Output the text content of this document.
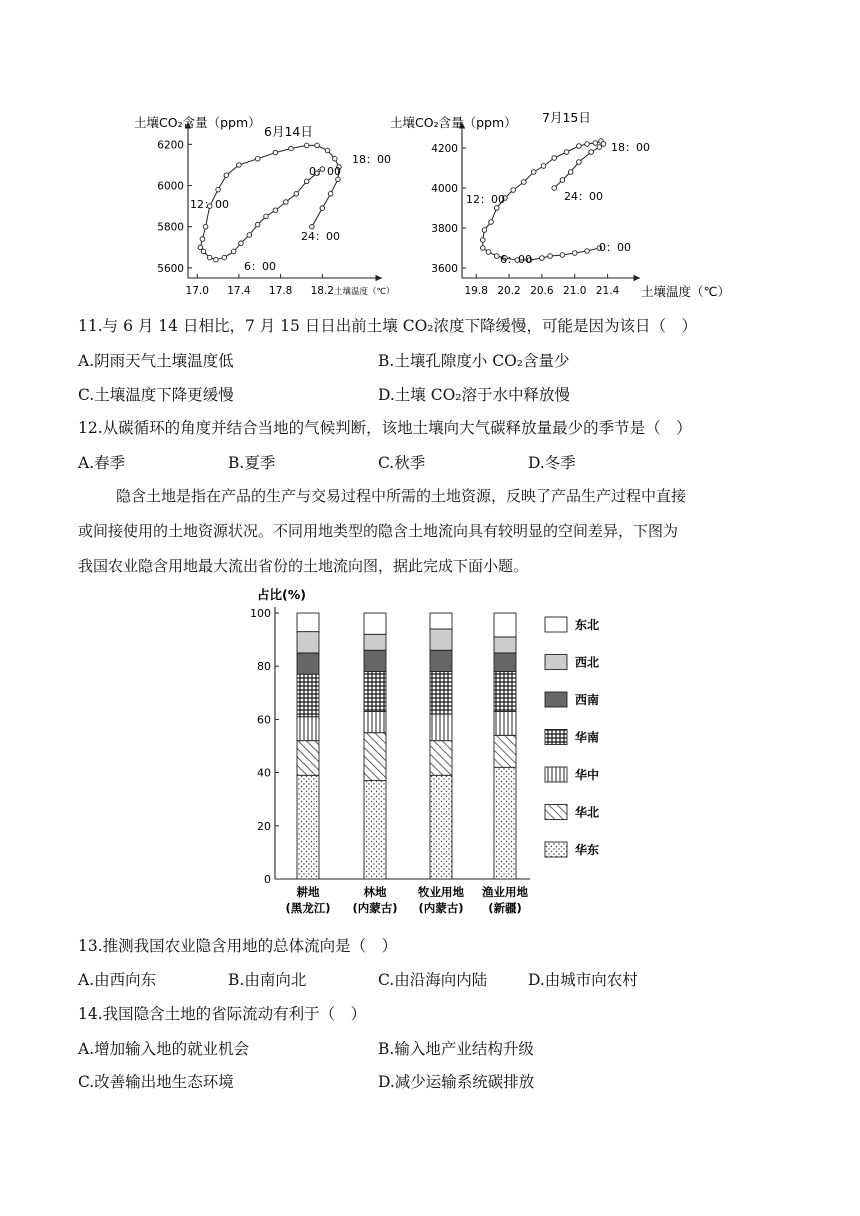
土壤CO₂含量（ppm）
6月14日
土壤温度（℃）
6200
6000
5800
5600
17.0 17.4 17.8 18.2
18：00
0：00
12：00
24：00
6：00
土壤CO₂含量（ppm） 7月15日
土壤温度（℃）
4200
4000
3800
3600
19.8 20.2 20.6 21.0 21.4
18：00
12：00	24：00
0：00
6：00
11.与 6 月 14 日相比，7 月 15 日日出前土壤 CO₂浓度下降缓慢，可能是因为该日（　）
A.阴雨天气土壤温度低	B.土壤孔隙度小 CO₂含量少
C.土壤温度下降更缓慢	D.土壤 CO₂溶于水中释放慢
12.从碳循环的角度并结合当地的气候判断，该地土壤向大气碳释放量最少的季节是（　）
A.春季	B.夏季	C.秋季	D.冬季
隐含土地是指在产品的生产与交易过程中所需的土地资源，反映了产品生产过程中直接
或间接使用的土地资源状况。不同用地类型的隐含土地流向具有较明显的空间差异，下图为
我国农业隐含用地最大流出省份的土地流向图，据此完成下面小题。
占比(%)
0
20
40
60
80
100
耕地
(黑龙江)
林地
(内蒙古)
牧业用地
(内蒙古)
渔业用地
(新疆)
东北
西北
西南
华南
华中
华北
华东
13.推测我国农业隐含用地的总体流向是（　）
A.由西向东	B.由南向北	C.由沿海向内陆	D.由城市向农村
14.我国隐含土地的省际流动有利于（　）
A.增加输入地的就业机会	B.输入地产业结构升级
C.改善输出地生态环境	D.减少运输系统碳排放
